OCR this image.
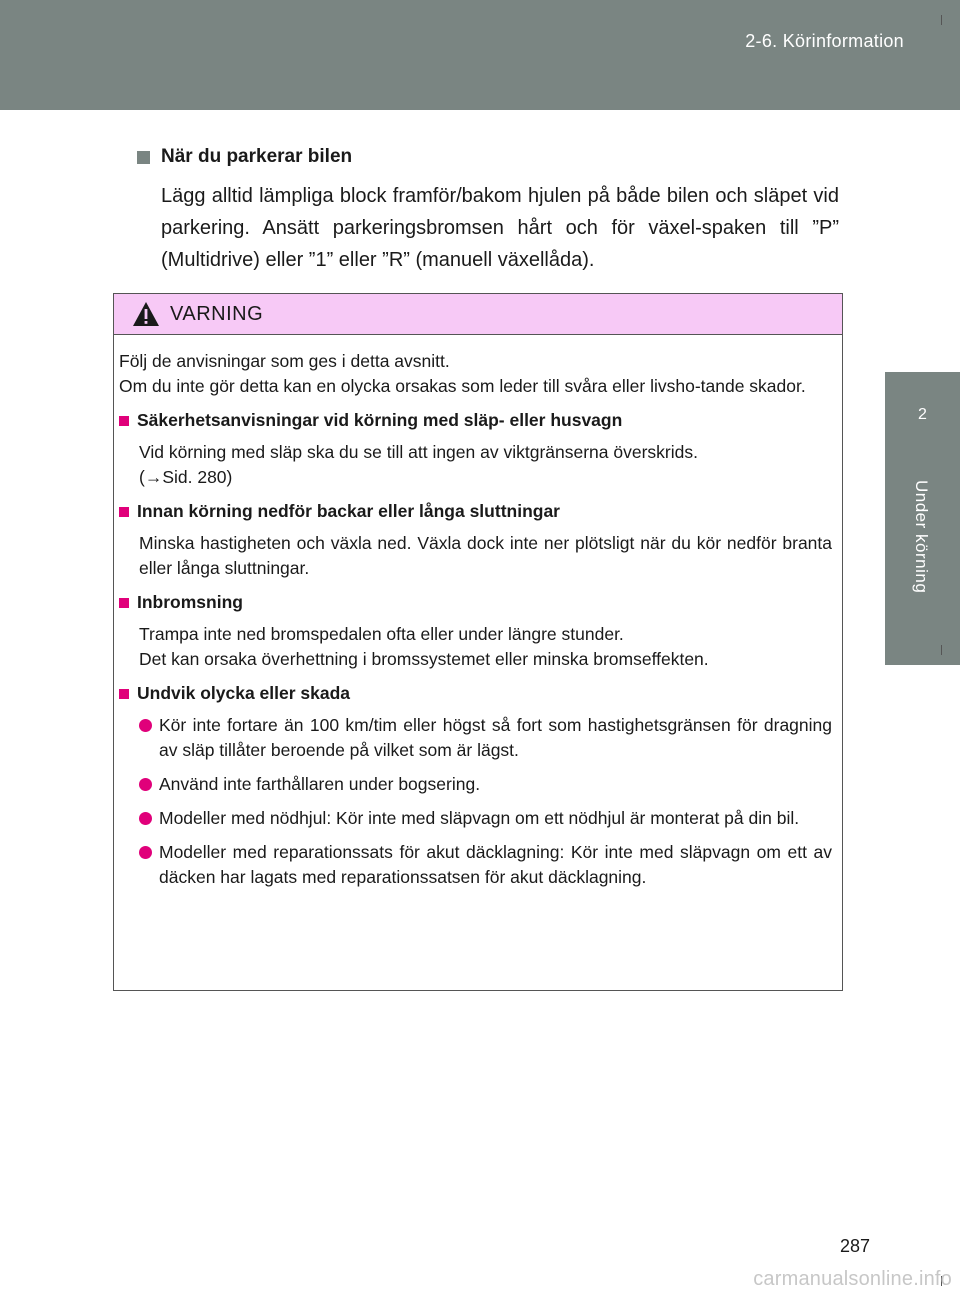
2-6. Körinformation
2
Under körning
När du parkerar bilen
Lägg alltid lämpliga block framför/bakom hjulen på både bilen och släpet vid parkering. Ansätt parkeringsbromsen hårt och för växel-spaken till ”P” (Multidrive) eller ”1” eller ”R” (manuell växellåda).
VARNING
Följ de anvisningar som ges i detta avsnitt.
Om du inte gör detta kan en olycka orsakas som leder till svåra eller livsho-tande skador.
Säkerhetsanvisningar vid körning med släp- eller husvagn
Vid körning med släp ska du se till att ingen av viktgränserna överskrids.
(→Sid. 280)
Innan körning nedför backar eller långa sluttningar
Minska hastigheten och växla ned. Växla dock inte ner plötsligt när du kör nedför branta eller långa sluttningar.
Inbromsning
Trampa inte ned bromspedalen ofta eller under längre stunder.
Det kan orsaka överhettning i bromssystemet eller minska bromseffekten.
Undvik olycka eller skada
Kör inte fortare än 100 km/tim eller högst så fort som hastighetsgränsen för dragning av släp tillåter beroende på vilket som är lägst.
Använd inte farthållaren under bogsering.
Modeller med nödhjul: Kör inte med släpvagn om ett nödhjul är monterat på din bil.
Modeller med reparationssats för akut däcklagning: Kör inte med släpvagn om ett av däcken har lagats med reparationssatsen för akut däcklagning.
287
carmanualsonline.info
